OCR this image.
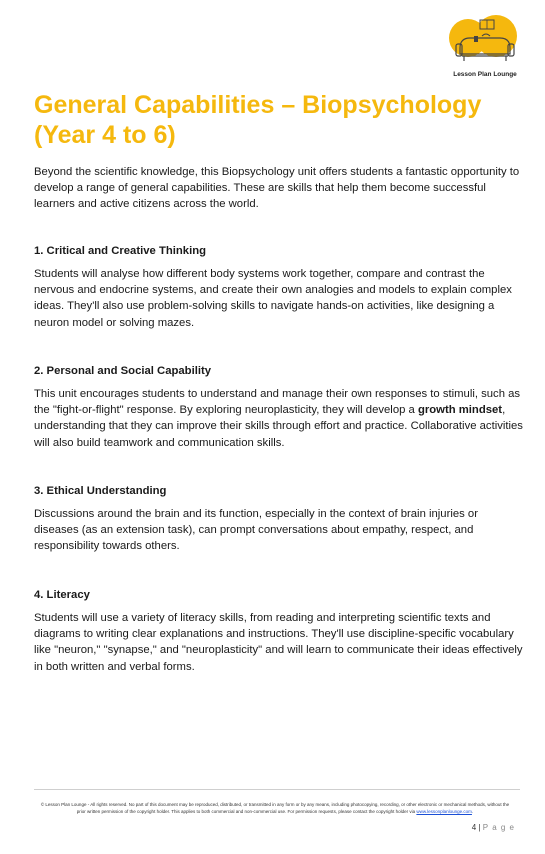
Lesson Plan Lounge
General Capabilities – Biopsychology (Year 4 to 6)

Beyond the scientific knowledge, this Biopsychology unit offers students a fantastic opportunity to develop a range of general capabilities. These are skills that help them become successful learners and active citizens across the world.

1. Critical and Creative Thinking

Students will analyse how different body systems work together, compare and contrast the nervous and endocrine systems, and create their own analogies and models to explain complex ideas. They'll also use problem-solving skills to navigate hands-on activities, like designing a neuron model or solving mazes.

2. Personal and Social Capability

This unit encourages students to understand and manage their own responses to stimuli, such as the "fight-or-flight" response. By exploring neuroplasticity, they will develop a growth mindset, understanding that they can improve their skills through effort and practice. Collaborative activities will also build teamwork and communication skills.

3. Ethical Understanding

Discussions around the brain and its function, especially in the context of brain injuries or diseases (as an extension task), can prompt conversations about empathy, respect, and responsibility towards others.

4. Literacy

Students will use a variety of literacy skills, from reading and interpreting scientific texts and diagrams to writing clear explanations and instructions. They'll use discipline-specific vocabulary like "neuron," "synapse," and "neuroplasticity" and will learn to communicate their ideas effectively in both written and verbal forms.

© Lesson Plan Lounge - All rights reserved. No part of this document may be reproduced, distributed, or transmitted in any form or by any means, including photocopying, recording, or other electronic or mechanical methods, without the prior written permission of the copyright holder. This applies to both commercial and non-commercial use. For permission requests, please contact the copyright holder via www.lessonplanlounge.com.
4 | P a g e
